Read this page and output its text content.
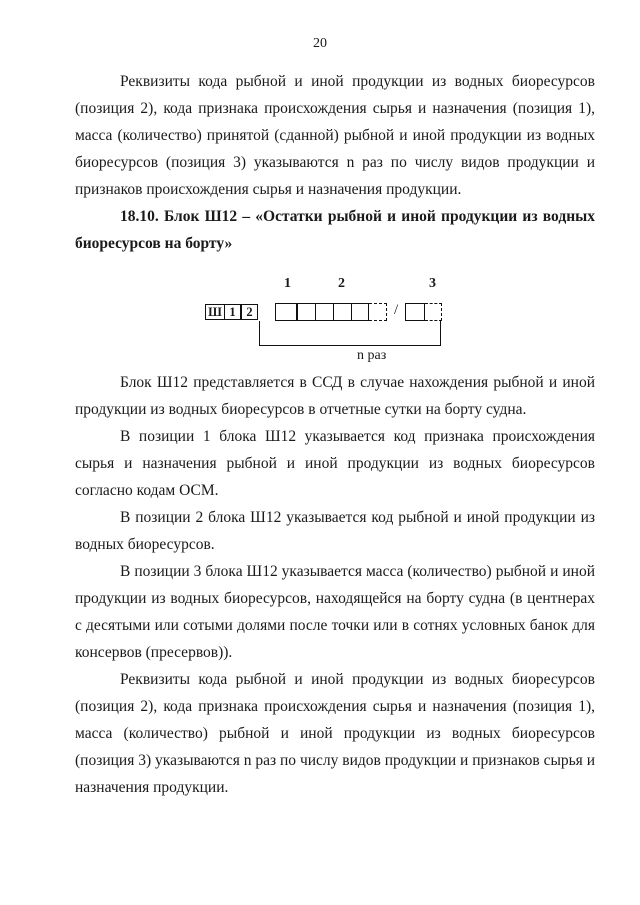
20

Реквизиты кода рыбной и иной продукции из водных биоресурсов (позиция 2), кода признака происхождения сырья и назначения (позиция 1), масса (количество) принятой (сданной) рыбной и иной продукции из водных биоресурсов (позиция 3) указываются n раз по числу видов продукции и признаков происхождения сырья и назначения продукции.

18.10. Блок Ш12 – «Остатки рыбной и иной продукции из водных биоресурсов на борту»

1	2	3
Ш 1 2	/
n раз

Блок Ш12 представляется в ССД в случае нахождения рыбной и иной продукции из водных биоресурсов в отчетные сутки на борту судна.

В позиции 1 блока Ш12 указывается код признака происхождения сырья и назначения рыбной и иной продукции из водных биоресурсов согласно кодам ОСМ.

В позиции 2 блока Ш12 указывается код рыбной и иной продукции из водных биоресурсов.

В позиции 3 блока Ш12 указывается масса (количество) рыбной и иной продукции из водных биоресурсов, находящейся на борту судна (в центнерах с десятыми или сотыми долями после точки или в сотнях условных банок для консервов (пресервов)).

Реквизиты кода рыбной и иной продукции из водных биоресурсов (позиция 2), кода признака происхождения сырья и назначения (позиция 1), масса (количество) рыбной и иной продукции из водных биоресурсов (позиция 3) указываются n раз по числу видов продукции и признаков сырья и назначения продукции.
